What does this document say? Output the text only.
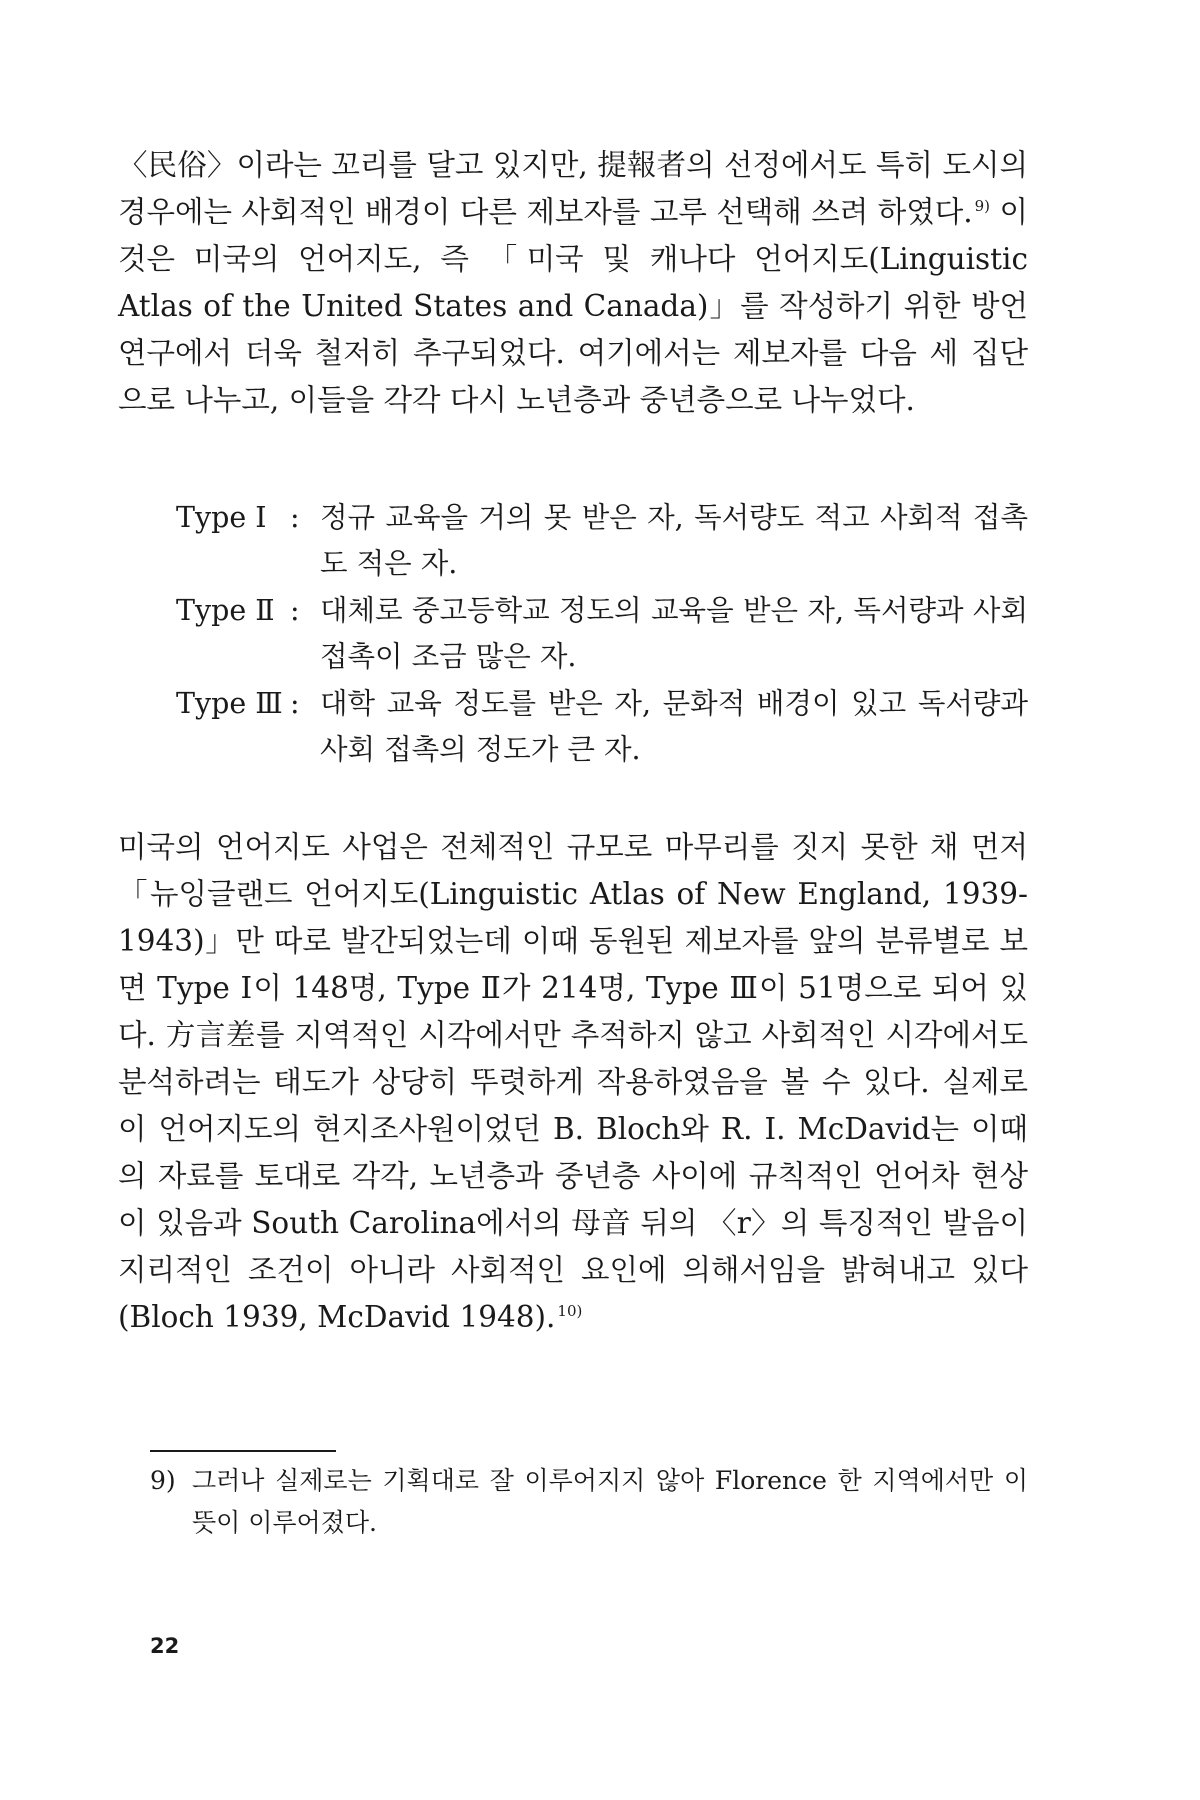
〈民俗〉이라는 꼬리를 달고 있지만, 提報者의 선정에서도 특히 도시의 경우에는 사회적인 배경이 다른 제보자를 고루 선택해 쓰려 하였다. $^{9)}$ 이것은 미국의 언어지도, 즉 「미국 및 캐나다 언어지도(Linguistic Atlas of the United States and Canada)」를 작성하기 위한 방언 연구에서 더욱 철저히 추구되었다. 여기에서는 제보자를 다음 세 집단으로 나누고, 이들을 각각 다시 노년층과 중년층으로 나누었다.

Type Ⅰ : 정규 교육을 거의 못 받은 자, 독서량도 적고 사회적 접촉도 적은 자.
Type Ⅱ : 대체로 중고등학교 정도의 교육을 받은 자, 독서량과 사회 접촉이 조금 많은 자.
Type Ⅲ : 대학 교육 정도를 받은 자, 문화적 배경이 있고 독서량과 사회 접촉의 정도가 큰 자.

미국의 언어지도 사업은 전체적인 규모로 마무리를 짓지 못한 채 먼저 「뉴잉글랜드 언어지도(Linguistic Atlas of New England, 1939-1943)」만 따로 발간되었는데 이때 동원된 제보자를 앞의 분류별로 보면 Type Ⅰ이 148명, Type Ⅱ가 214명, Type Ⅲ이 51명으로 되어 있다. 方言差를 지역적인 시각에서만 추적하지 않고 사회적인 시각에서도 분석하려는 태도가 상당히 뚜렷하게 작용하였음을 볼 수 있다. 실제로 이 언어지도의 현지조사원이었던 B. Bloch와 R. I. McDavid는 이때의 자료를 토대로 각각, 노년층과 중년층 사이에 규칙적인 언어차 현상이 있음과 South Carolina에서의 母音 뒤의 〈r〉의 특징적인 발음이 지리적인 조건이 아니라 사회적인 요인에 의해서임을 밝혀내고 있다(Bloch 1939, McDavid 1948). $^{10)}$

9) 그러나 실제로는 기획대로 잘 이루어지지 않아 Florence 한 지역에서만 이 뜻이 이루어졌다.
22
